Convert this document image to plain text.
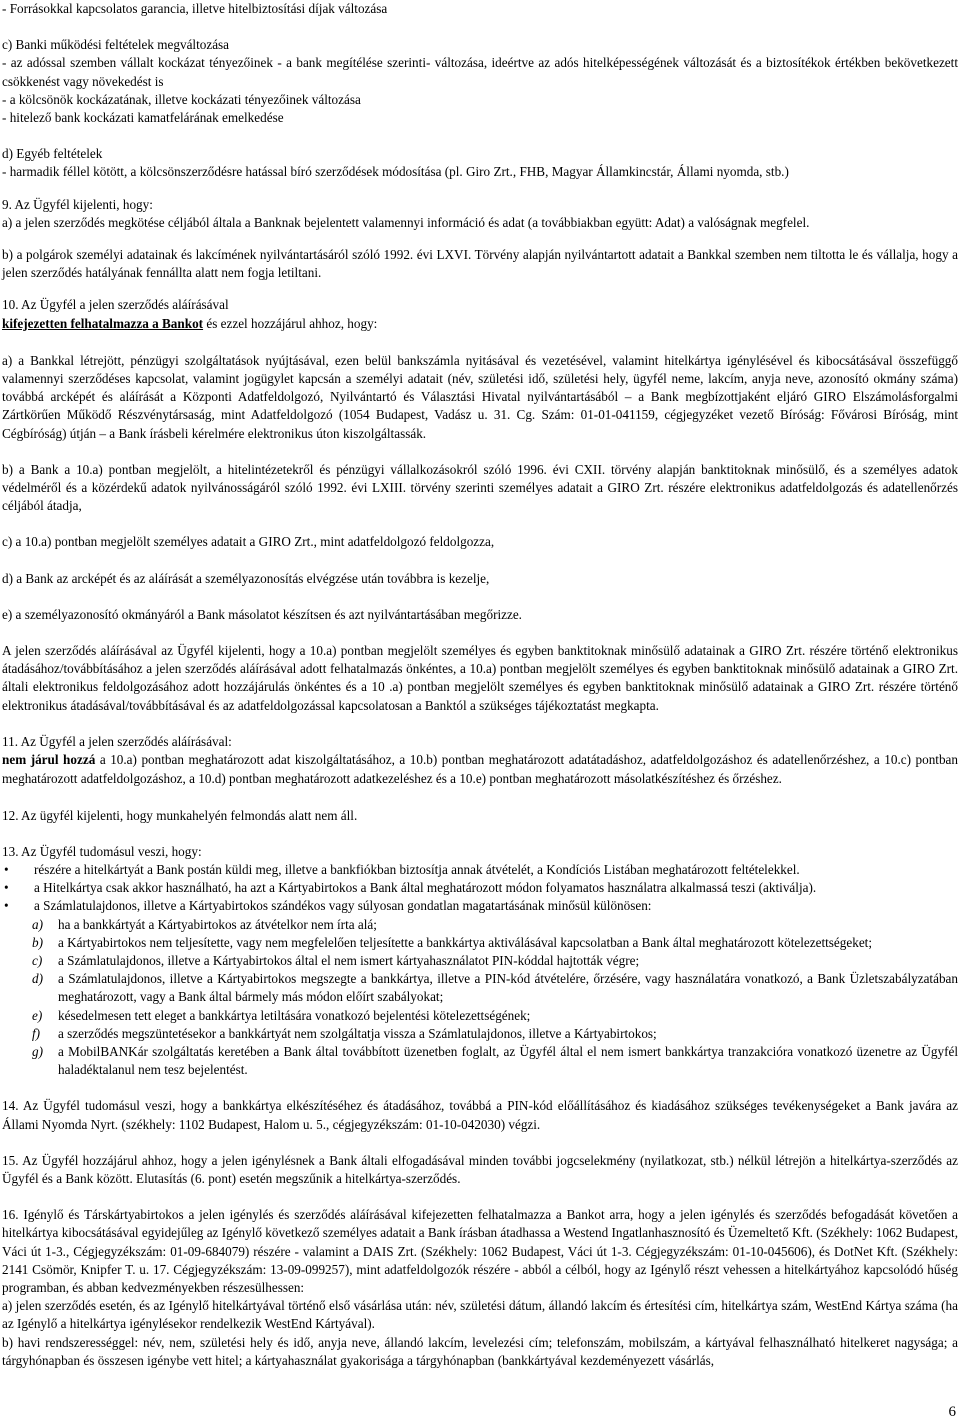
- Forrásokkal kapcsolatos garancia, illetve hitelbiztosítási díjak változása

c) Banki működési feltételek megváltozása

- az adóssal szemben vállalt kockázat tényezőinek - a bank megítélése szerinti- változása, ideértve az adós hitelképességének változását és a biztosítékok értékben bekövetkezett csökkenést vagy növekedést is

- a kölcsönök kockázatának, illetve kockázati tényezőinek változása

- hitelező bank kockázati kamatfelárának emelkedése

d) Egyéb feltételek

- harmadik féllel kötött, a kölcsönszerződésre hatással bíró szerződések módosítása (pl. Giro Zrt., FHB, Magyar Államkincstár, Állami nyomda, stb.)

9. Az Ügyfél kijelenti, hogy:

a) a jelen szerződés megkötése céljából általa a Banknak bejelentett valamennyi információ és adat (a továbbiakban együtt: Adat) a valóságnak megfelel.

b) a polgárok személyi adatainak és lakcímének nyilvántartásáról szóló 1992. évi LXVI. Törvény alapján nyilvántartott adatait a Bankkal szemben nem tiltotta le és vállalja, hogy a jelen szerződés hatályának fennállta alatt nem fogja letiltani.

10. Az Ügyfél a jelen szerződés aláírásával

kifejezetten felhatalmazza a Bankot és ezzel hozzájárul ahhoz, hogy:

a) a Bankkal létrejött, pénzügyi szolgáltatások nyújtásával, ezen belül bankszámla nyitásával és vezetésével, valamint hitelkártya igénylésével és kibocsátásával összefüggő valamennyi szerződéses kapcsolat, valamint jogügylet kapcsán a személyi adatait (név, születési idő, születési hely, ügyfél neme, lakcím, anyja neve, azonosító okmány száma) továbbá arcképét és aláírását a Központi Adatfeldolgozó, Nyilvántartó és Választási Hivatal nyilvántartásából – a Bank megbízottjaként eljáró GIRO Elszámolásforgalmi Zártkörűen Működő Részvénytársaság, mint Adatfeldolgozó (1054 Budapest, Vadász u. 31. Cg. Szám: 01-01-041159, cégjegyzéket vezető Bíróság: Fővárosi Bíróság, mint Cégbíróság) útján – a Bank írásbeli kérelmére elektronikus úton kiszolgáltassák.

b) a Bank a 10.a) pontban megjelölt, a hitelintézetekről és pénzügyi vállalkozásokról szóló 1996. évi CXII. törvény alapján banktitoknak minősülő, és a személyes adatok védelméről és a közérdekű adatok nyilvánosságáról szóló 1992. évi LXIII. törvény szerinti személyes adatait a GIRO Zrt. részére elektronikus adatfeldolgozás és adatellenőrzés céljából átadja,

c) a 10.a) pontban megjelölt személyes adatait a GIRO Zrt., mint adatfeldolgozó feldolgozza,

d) a Bank az arcképét és az aláírását a személyazonosítás elvégzése után továbbra is kezelje,

e) a személyazonosító okmányáról a Bank másolatot készítsen és azt nyilvántartásában megőrizze.

A jelen szerződés aláírásával az Ügyfél kijelenti, hogy a 10.a) pontban megjelölt személyes és egyben banktitoknak minősülő adatainak a GIRO Zrt. részére történő elektronikus átadásához/továbbításához a jelen szerződés aláírásával adott felhatalmazás önkéntes, a 10.a) pontban megjelölt személyes és egyben banktitoknak minősülő adatainak a GIRO Zrt. általi elektronikus feldolgozásához adott hozzájárulás önkéntes és a 10 .a) pontban megjelölt személyes és egyben banktitoknak minősülő adatainak a GIRO Zrt. részére történő elektronikus átadásával/továbbításával és az adatfeldolgozással kapcsolatosan a Banktól a szükséges tájékoztatást megkapta.

11. Az Ügyfél a jelen szerződés aláírásával:

nem járul hozzá a 10.a) pontban meghatározott adat kiszolgáltatásához, a 10.b) pontban meghatározott adatátadáshoz, adatfeldolgozáshoz és adatellenőrzéshez, a 10.c) pontban meghatározott adatfeldolgozáshoz, a 10.d) pontban meghatározott adatkezeléshez és a 10.e) pontban meghatározott másolatkészítéshez és őrzéshez.

12. Az ügyfél kijelenti, hogy munkahelyén felmondás alatt nem áll.

13. Az Ügyfél tudomásul veszi, hogy:

• részére a hitelkártyát a Bank postán küldi meg, illetve a bankfiókban biztosítja annak átvételét, a Kondíciós Listában meghatározott feltételekkel.
• a Hitelkártya csak akkor használható, ha azt a Kártyabirtokos a Bank által meghatározott módon folyamatos használatra alkalmassá teszi (aktiválja).
• a Számlatulajdonos, illetve a Kártyabirtokos szándékos vagy súlyosan gondatlan magatartásának minősül különösen:
a) ha a bankkártyát a Kártyabirtokos az átvételkor nem írta alá;
b) a Kártyabirtokos nem teljesítette, vagy nem megfelelően teljesítette a bankkártya aktiválásával kapcsolatban a Bank által meghatározott kötelezettségeket;
c) a Számlatulajdonos, illetve a Kártyabirtokos által el nem ismert kártyahasználatot PIN-kóddal hajtották végre;
d) a Számlatulajdonos, illetve a Kártyabirtokos megszegte a bankkártya, illetve a PIN-kód átvételére, őrzésére, vagy használatára vonatkozó, a Bank Üzletszabályzatában meghatározott, vagy a Bank által bármely más módon előírt szabályokat;
e) késedelmesen tett eleget a bankkártya letiltására vonatkozó bejelentési kötelezettségének;
f) a szerződés megszüntetésekor a bankkártyát nem szolgáltatja vissza a Számlatulajdonos, illetve a Kártyabirtokos;
g) a MobilBANKár szolgáltatás keretében a Bank által továbbított üzenetben foglalt, az Ügyfél által el nem ismert bankkártya tranzakcióra vonatkozó üzenetre az Ügyfél haladéktalanul nem tesz bejelentést.

14. Az Ügyfél tudomásul veszi, hogy a bankkártya elkészítéséhez és átadásához, továbbá a PIN-kód előállításához és kiadásához szükséges tevékenységeket a Bank javára az Állami Nyomda Nyrt. (székhely: 1102 Budapest, Halom u. 5., cégjegyzékszám: 01-10-042030) végzi.

15. Az Ügyfél hozzájárul ahhoz, hogy a jelen igénylésnek a Bank általi elfogadásával minden további jogcselekmény (nyilatkozat, stb.) nélkül létrejön a hitelkártya-szerződés az Ügyfél és a Bank között. Elutasítás (6. pont) esetén megszűnik a hitelkártya-szerződés.

16. Igénylő és Társkártyabirtokos a jelen igénylés és szerződés aláírásával kifejezetten felhatalmazza a Bankot arra, hogy a jelen igénylés és szerződés befogadását követően a hitelkártya kibocsátásával egyidejűleg az Igénylő következő személyes adatait a Bank írásban átadhassa a Westend Ingatlanhasznosító és Üzemeltető Kft. (Székhely: 1062 Budapest, Váci út 1-3., Cégjegyzékszám: 01-09-684079) részére - valamint a DAIS Zrt. (Székhely: 1062 Budapest, Váci út 1-3. Cégjegyzékszám: 01-10-045606), és DotNet Kft. (Székhely: 2141 Csömör, Knipfer T. u. 17. Cégjegyzékszám: 13-09-099257), mint adatfeldolgozók részére - abból a célból, hogy az Igénylő részt vehessen a hitelkártyához kapcsolódó hűség programban, és abban kedvezményekben részesülhessen:

a) jelen szerződés esetén, és az Igénylő hitelkártyával történő első vásárlása után: név, születési dátum, állandó lakcím és értesítési cím, hitelkártya szám, WestEnd Kártya száma (ha az Igénylő a hitelkártya igénylésekor rendelkezik WestEnd Kártyával).

b) havi rendszerességgel: név, nem, születési hely és idő, anyja neve, állandó lakcím, levelezési cím; telefonszám, mobilszám, a kártyával felhasználható hitelkeret nagysága; a tárgyhónapban és összesen igénybe vett hitel; a kártyahasználat gyakorisága a tárgyhónapban (bankkártyával kezdeményezett vásárlás,

6
